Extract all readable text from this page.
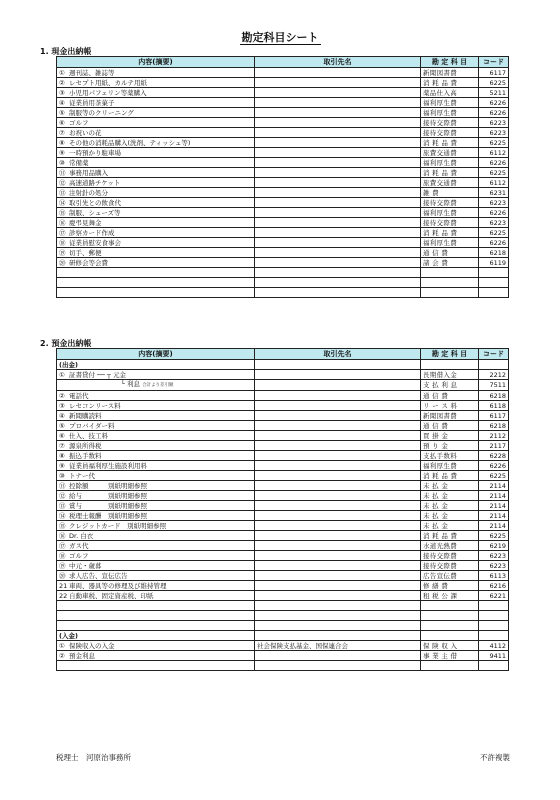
勘定科目シート
1. 現金出納帳
内容(摘要)	取引先名	勘 定 科 目	コード
① 週刊誌、雑誌等		新聞図書費	6117
② レセプト用紙、カルテ用紙		消 耗 品 費	6225
③ 小児用パフェリン等薬購入		薬品仕入高	5211
④ 従業員用茶菓子		福利厚生費	6226
⑤ 制服等のクリーニング		福利厚生費	6226
⑥ ゴルフ		接待交際費	6223
⑦ お祝いの花		接待交際費	6223
⑧ その他の消耗品購入(洗剤、ティッシュ等)		消 耗 品 費	6225
⑨ 一時預かり駐車場		旅費交通費	6112
⑩ 常備薬		福利厚生費	6226
⑪ 事務用品購入		消 耗 品 費	6225
⑫ 高速道路チケット		旅費交通費	6112
⑬ 注射針の処分		雑 費	6231
⑭ 取引先との飲食代		接待交際費	6223
⑮ 制服、シューズ等		福利厚生費	6226
⑯ 慶弔見舞金		接待交際費	6223
⑰ 診察カード作成		消 耗 品 費	6225
⑱ 従業員慰安食事会		福利厚生費	6226
⑲ 切手、郵便		通 信 費	6218
⑳ 研修会等会費		諸 会 費	6119

2. 預金出納帳
内容(摘要)	取引先名	勘 定 科 目	コード
(出金)			
① 証書貸付 ── ┬ 元金		長期借入金	2212
└ 利息 合計より差引額		支 払 利 息	7511
② 電話代		通 信 費	6218
③ レセコンリース料		リ ー ス 料	6118
④ 新聞購読料		新聞図書費	6117
⑤ プロバイダー料		通 信 費	6218
⑥ 仕入、技工料		買 掛 金	2112
⑦ 源泉所得税		預 り 金	2117
⑧ 振込手数料		支払手数料	6228
⑨ 従業員福利厚生施設利用料		福利厚生費	6226
⑩ トナー代		消 耗 品 費	6225
⑪ 控除額　　　別紙明細参照		未 払 金	2114
⑫ 給与　　　　別紙明細参照		未 払 金	2114
⑬ 賞与　　　　別紙明細参照		未 払 金	2114
⑭ 税理士報酬　別紙明細参照		未 払 金	2114
⑮ クレジットカード　別紙明細参照		未 払 金	2114
⑯ Dr. 白衣		消 耗 品 費	6225
⑰ ガス代		水道光熱費	6219
⑱ ゴルフ		接待交際費	6223
⑲ 中元・歳暮		接待交際費	6223
⑳ 求人広告、宣伝広告		広告宣伝費	6113
21 車両、器具等の修理及び維持管理		修 繕 費	6216
22 自動車税、固定資産税、印紙		租 税 公 課	6221

(入金)			
① 保険収入の入金	社会保険支払基金、国保連合会	保 険 収 入	4112
② 預金利息		事 業 主 借	9411

税理士　河原治事務所	不許複製
